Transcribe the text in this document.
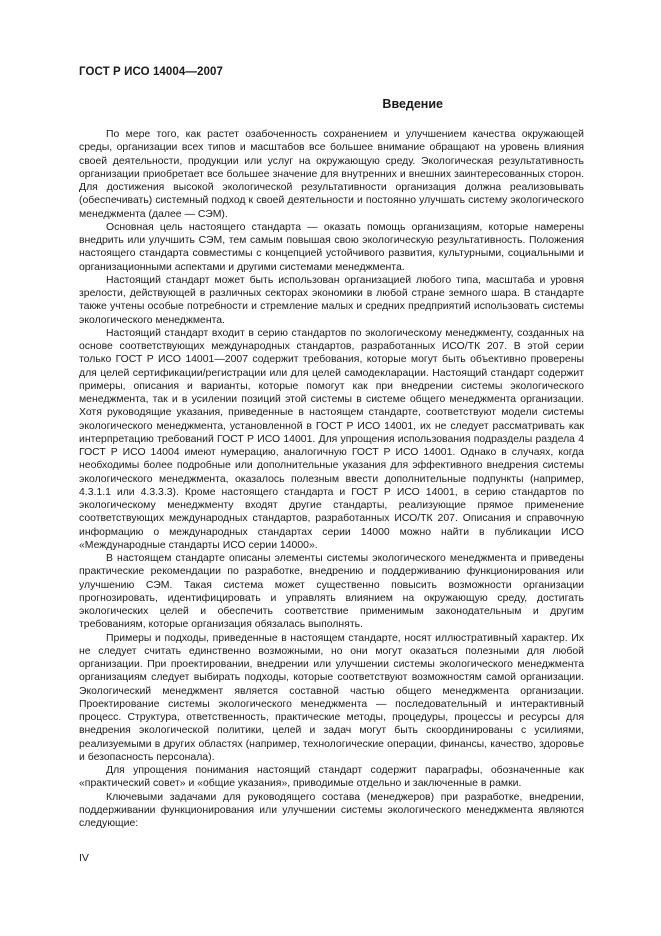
ГОСТ Р ИСО 14004—2007
Введение

По мере того, как растет озабоченность сохранением и улучшением качества окружающей среды, организации всех типов и масштабов все большее внимание обращают на уровень влияния своей деятельности, продукции или услуг на окружающую среду. Экологическая результативность организации приобретает все большее значение для внутренних и внешних заинтересованных сторон. Для достижения высокой экологической результативности организация должна реализовывать (обеспечивать) системный подход к своей деятельности и постоянно улучшать систему экологического менеджмента (далее — СЭМ).

Основная цель настоящего стандарта — оказать помощь организациям, которые намерены внедрить или улучшить СЭМ, тем самым повышая свою экологическую результативность. Положения настоящего стандарта совместимы с концепцией устойчивого развития, культурными, социальными и организационными аспектами и другими системами менеджмента.

Настоящий стандарт может быть использован организацией любого типа, масштаба и уровня зрелости, действующей в различных секторах экономики в любой стране земного шара. В стандарте также учтены особые потребности и стремление малых и средних предприятий использовать системы экологического менеджмента.

Настоящий стандарт входит в серию стандартов по экологическому менеджменту, созданных на основе соответствующих международных стандартов, разработанных ИСО/ТК 207. В этой серии только ГОСТ Р ИСО 14001—2007 содержит требования, которые могут быть объективно проверены для целей сертификации/регистрации или для целей самодекларации. Настоящий стандарт содержит примеры, описания и варианты, которые помогут как при внедрении системы экологического менеджмента, так и в усилении позиций этой системы в системе общего менеджмента организации. Хотя руководящие указания, приведенные в настоящем стандарте, соответствуют модели системы экологического менеджмента, установленной в ГОСТ Р ИСО 14001, их не следует рассматривать как интерпретацию требований ГОСТ Р ИСО 14001. Для упрощения использования подразделы раздела 4 ГОСТ Р ИСО 14004 имеют нумерацию, аналогичную ГОСТ Р ИСО 14001. Однако в случаях, когда необходимы более подробные или дополнительные указания для эффективного внедрения системы экологического менеджмента, оказалось полезным ввести дополнительные подпункты (например, 4.3.1.1 или 4.3.3.3). Кроме настоящего стандарта и ГОСТ Р ИСО 14001, в серию стандартов по экологическому менеджменту входят другие стандарты, реализующие прямое применение соответствующих международных стандартов, разработанных ИСО/ТК 207. Описания и справочную информацию о международных стандартах серии 14000 можно найти в публикации ИСО «Международные стандарты ИСО серии 14000».

В настоящем стандарте описаны элементы системы экологического менеджмента и приведены практические рекомендации по разработке, внедрению и поддерживанию функционирования или улучшению СЭМ. Такая система может существенно повысить возможности организации прогнозировать, идентифицировать и управлять влиянием на окружающую среду, достигать экологических целей и обеспечить соответствие применимым законодательным и другим требованиям, которые организация обязалась выполнять.

Примеры и подходы, приведенные в настоящем стандарте, носят иллюстративный характер. Их не следует считать единственно возможными, но они могут оказаться полезными для любой организации. При проектировании, внедрении или улучшении системы экологического менеджмента организациям следует выбирать подходы, которые соответствуют возможностям самой организации. Экологический менеджмент является составной частью общего менеджмента организации. Проектирование системы экологического менеджмента — последовательный и интерактивный процесс. Структура, ответственность, практические методы, процедуры, процессы и ресурсы для внедрения экологической политики, целей и задач могут быть скоординированы с усилиями, реализуемыми в других областях (например, технологические операции, финансы, качество, здоровье и безопасность персонала).

Для упрощения понимания настоящий стандарт содержит параграфы, обозначенные как «практический совет» и «общие указания», приводимые отдельно и заключенные в рамки.

Ключевыми задачами для руководящего состава (менеджеров) при разработке, внедрении, поддерживании функционирования или улучшении системы экологического менеджмента являются следующие:

IV
